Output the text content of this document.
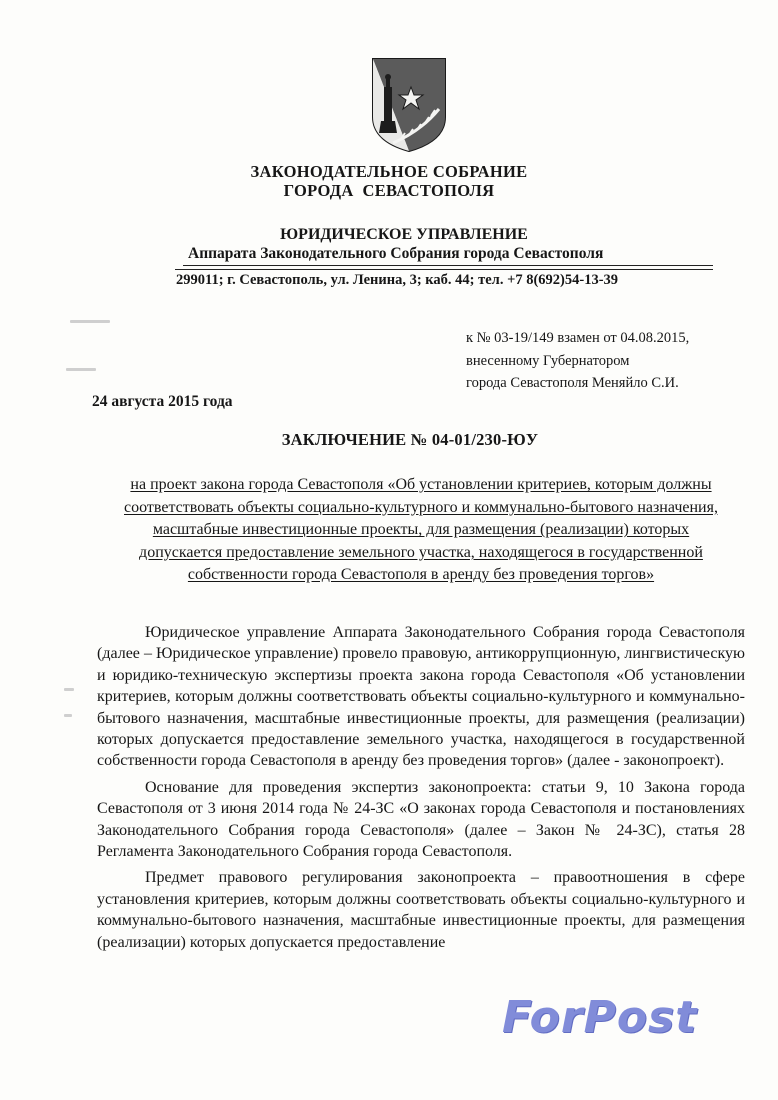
ЗАКОНОДАТЕЛЬНОЕ СОБРАНИЕ
ГОРОДА  СЕВАСТОПОЛЯ
ЮРИДИЧЕСКОЕ УПРАВЛЕНИЕ
Аппарата Законодательного Собрания города Севастополя
299011; г. Севастополь, ул. Ленина, 3; каб. 44; тел. +7 8(692)54-13-39
к № 03-19/149 взамен от 04.08.2015,
внесенному Губернатором
города Севастополя Меняйло С.И.
24 августа 2015 года
ЗАКЛЮЧЕНИЕ № 04-01/230-ЮУ
на проект закона города Севастополя «Об установлении критериев, которым должны соответствовать объекты социально-культурного и коммунально-бытового назначения, масштабные инвестиционные проекты, для размещения (реализации) которых допускается предоставление земельного участка, находящегося в государственной собственности города Севастополя в аренду без проведения торгов»

Юридическое управление Аппарата Законодательного Собрания города Севастополя (далее – Юридическое управление) провело правовую, антикоррупционную, лингвистическую и юридико-техническую экспертизы проекта закона города Севастополя «Об установлении критериев, которым должны соответствовать объекты социально-культурного и коммунально-бытового назначения, масштабные инвестиционные проекты, для размещения (реализации) которых допускается предоставление земельного участка, находящегося в государственной собственности города Севастополя в аренду без проведения торгов» (далее - законопроект).

Основание для проведения экспертиз законопроекта: статьи 9, 10 Закона города Севастополя от 3 июня 2014 года № 24-ЗС «О законах города Севастополя и постановлениях Законодательного Собрания города Севастополя» (далее – Закон № 24-ЗС), статья 28 Регламента Законодательного Собрания города Севастополя.

Предмет правового регулирования законопроекта – правоотношения в сфере установления критериев, которым должны соответствовать объекты социально-культурного и коммунально-бытового назначения, масштабные инвестиционные проекты, для размещения (реализации) которых допускается предоставление

ForPost
